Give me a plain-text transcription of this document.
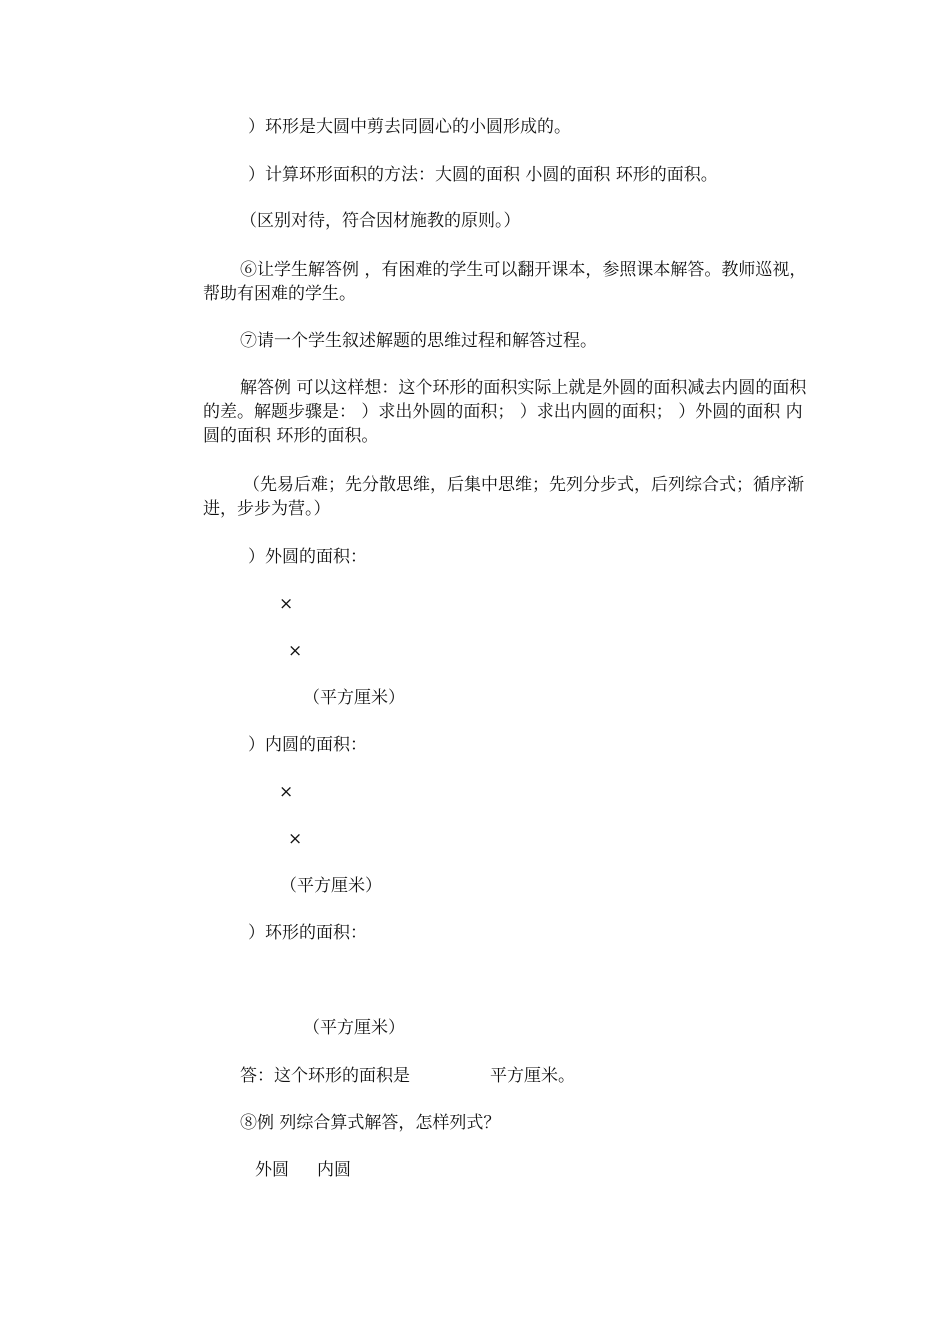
）环形是大圆中剪去同圆心的小圆形成的。
）计算环形面积的方法：大圆的面积 小圆的面积 环形的面积。
（区别对待，符合因材施教的原则。）
⑥让学生解答例 ，有困难的学生可以翻开课本，参照课本解答。教师巡视，帮助有困难的学生。
⑦请一个学生叙述解题的思维过程和解答过程。
解答例 可以这样想：这个环形的面积实际上就是外圆的面积减去内圆的面积的差。解题步骤是： ）求出外圆的面积； ）求出内圆的面积； ）外圆的面积 内圆的面积 环形的面积。
（先易后难；先分散思维，后集中思维；先列分步式，后列综合式；循序渐进，步步为营。）
）外圆的面积：
×
×
（平方厘米）
）内圆的面积：
×
×
（平方厘米）
）环形的面积：
（平方厘米）
答：这个环形的面积是	平方厘米。
⑧例 列综合算式解答，怎样列式？
外圆 内圆
